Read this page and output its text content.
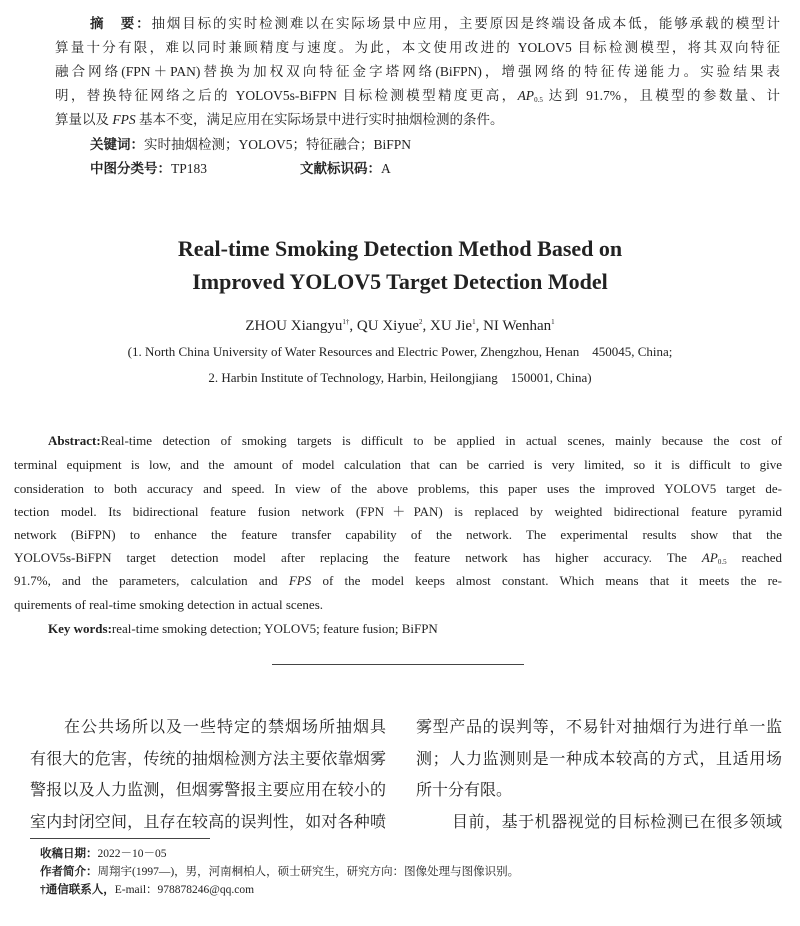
摘　要：抽烟目标的实时检测难以在实际场景中应用，主要原因是终端设备成本低，能够承载的模型计
算量十分有限，难以同时兼顾精度与速度。为此，本文使用改进的 YOLOV5 目标检测模型，将其双向特征
融合网络(FPN＋PAN)替换为加权双向特征金字塔网络(BiFPN)，增强网络的特征传递能力。实验结果表
明，替换特征网络之后的 YOLOV5s-BiFPN 目标检测模型精度更高，$AP_{0.5}$ 达到 91.7%，且模型的参数量、计
算量以及 FPS 基本不变，满足应用在实际场景中进行实时抽烟检测的条件。
关键词：实时抽烟检测；YOLOV5；特征融合；BiFPN
中图分类号：TP183	文献标识码：A
Real-time Smoking Detection Method Based on
Improved YOLOV5 Target Detection Model
ZHOU Xiangyu$^{1\dagger}$, QU Xiyue$^2$, XU Jie$^1$, NI Wenhan$^1$
(1. North China University of Water Resources and Electric Power, Zhengzhou, Henan　450045, China;
2. Harbin Institute of Technology, Harbin, Heilongjiang　150001, China)
Abstract:Real-time detection of smoking targets is difficult to be applied in actual scenes, mainly because the cost of
terminal equipment is low, and the amount of model calculation that can be carried is very limited, so it is difficult to give
consideration to both accuracy and speed. In view of the above problems, this paper uses the improved YOLOV5 target de-
tection model. Its bidirectional feature fusion network (FPN＋PAN) is replaced by weighted bidirectional feature pyramid
network (BiFPN) to enhance the feature transfer capability of the network. The experimental results show that the
YOLOV5s-BiFPN target detection model after replacing the feature network has higher accuracy. The $AP_{0.5}$ reached
91.7%, and the parameters, calculation and FPS of the model keeps almost constant. Which means that it meets the re-
quirements of real-time smoking detection in actual scenes.
Key words:real-time smoking detection; YOLOV5; feature fusion; BiFPN
在公共场所以及一些特定的禁烟场所抽烟具
有很大的危害，传统的抽烟检测方法主要依靠烟雾
警报以及人力监测，但烟雾警报主要应用在较小的
室内封闭空间，且存在较高的误判性，如对各种喷
雾型产品的误判等，不易针对抽烟行为进行单一监
测；人力监测则是一种成本较高的方式，且适用场
所十分有限。
目前，基于机器视觉的目标检测已在很多领域
收稿日期：2022－10－05
作者简介：周翔宇(1997—)，男，河南桐柏人，硕士研究生，研究方向：图像处理与图像识别。
†通信联系人，E-mail：978878246@qq.com
